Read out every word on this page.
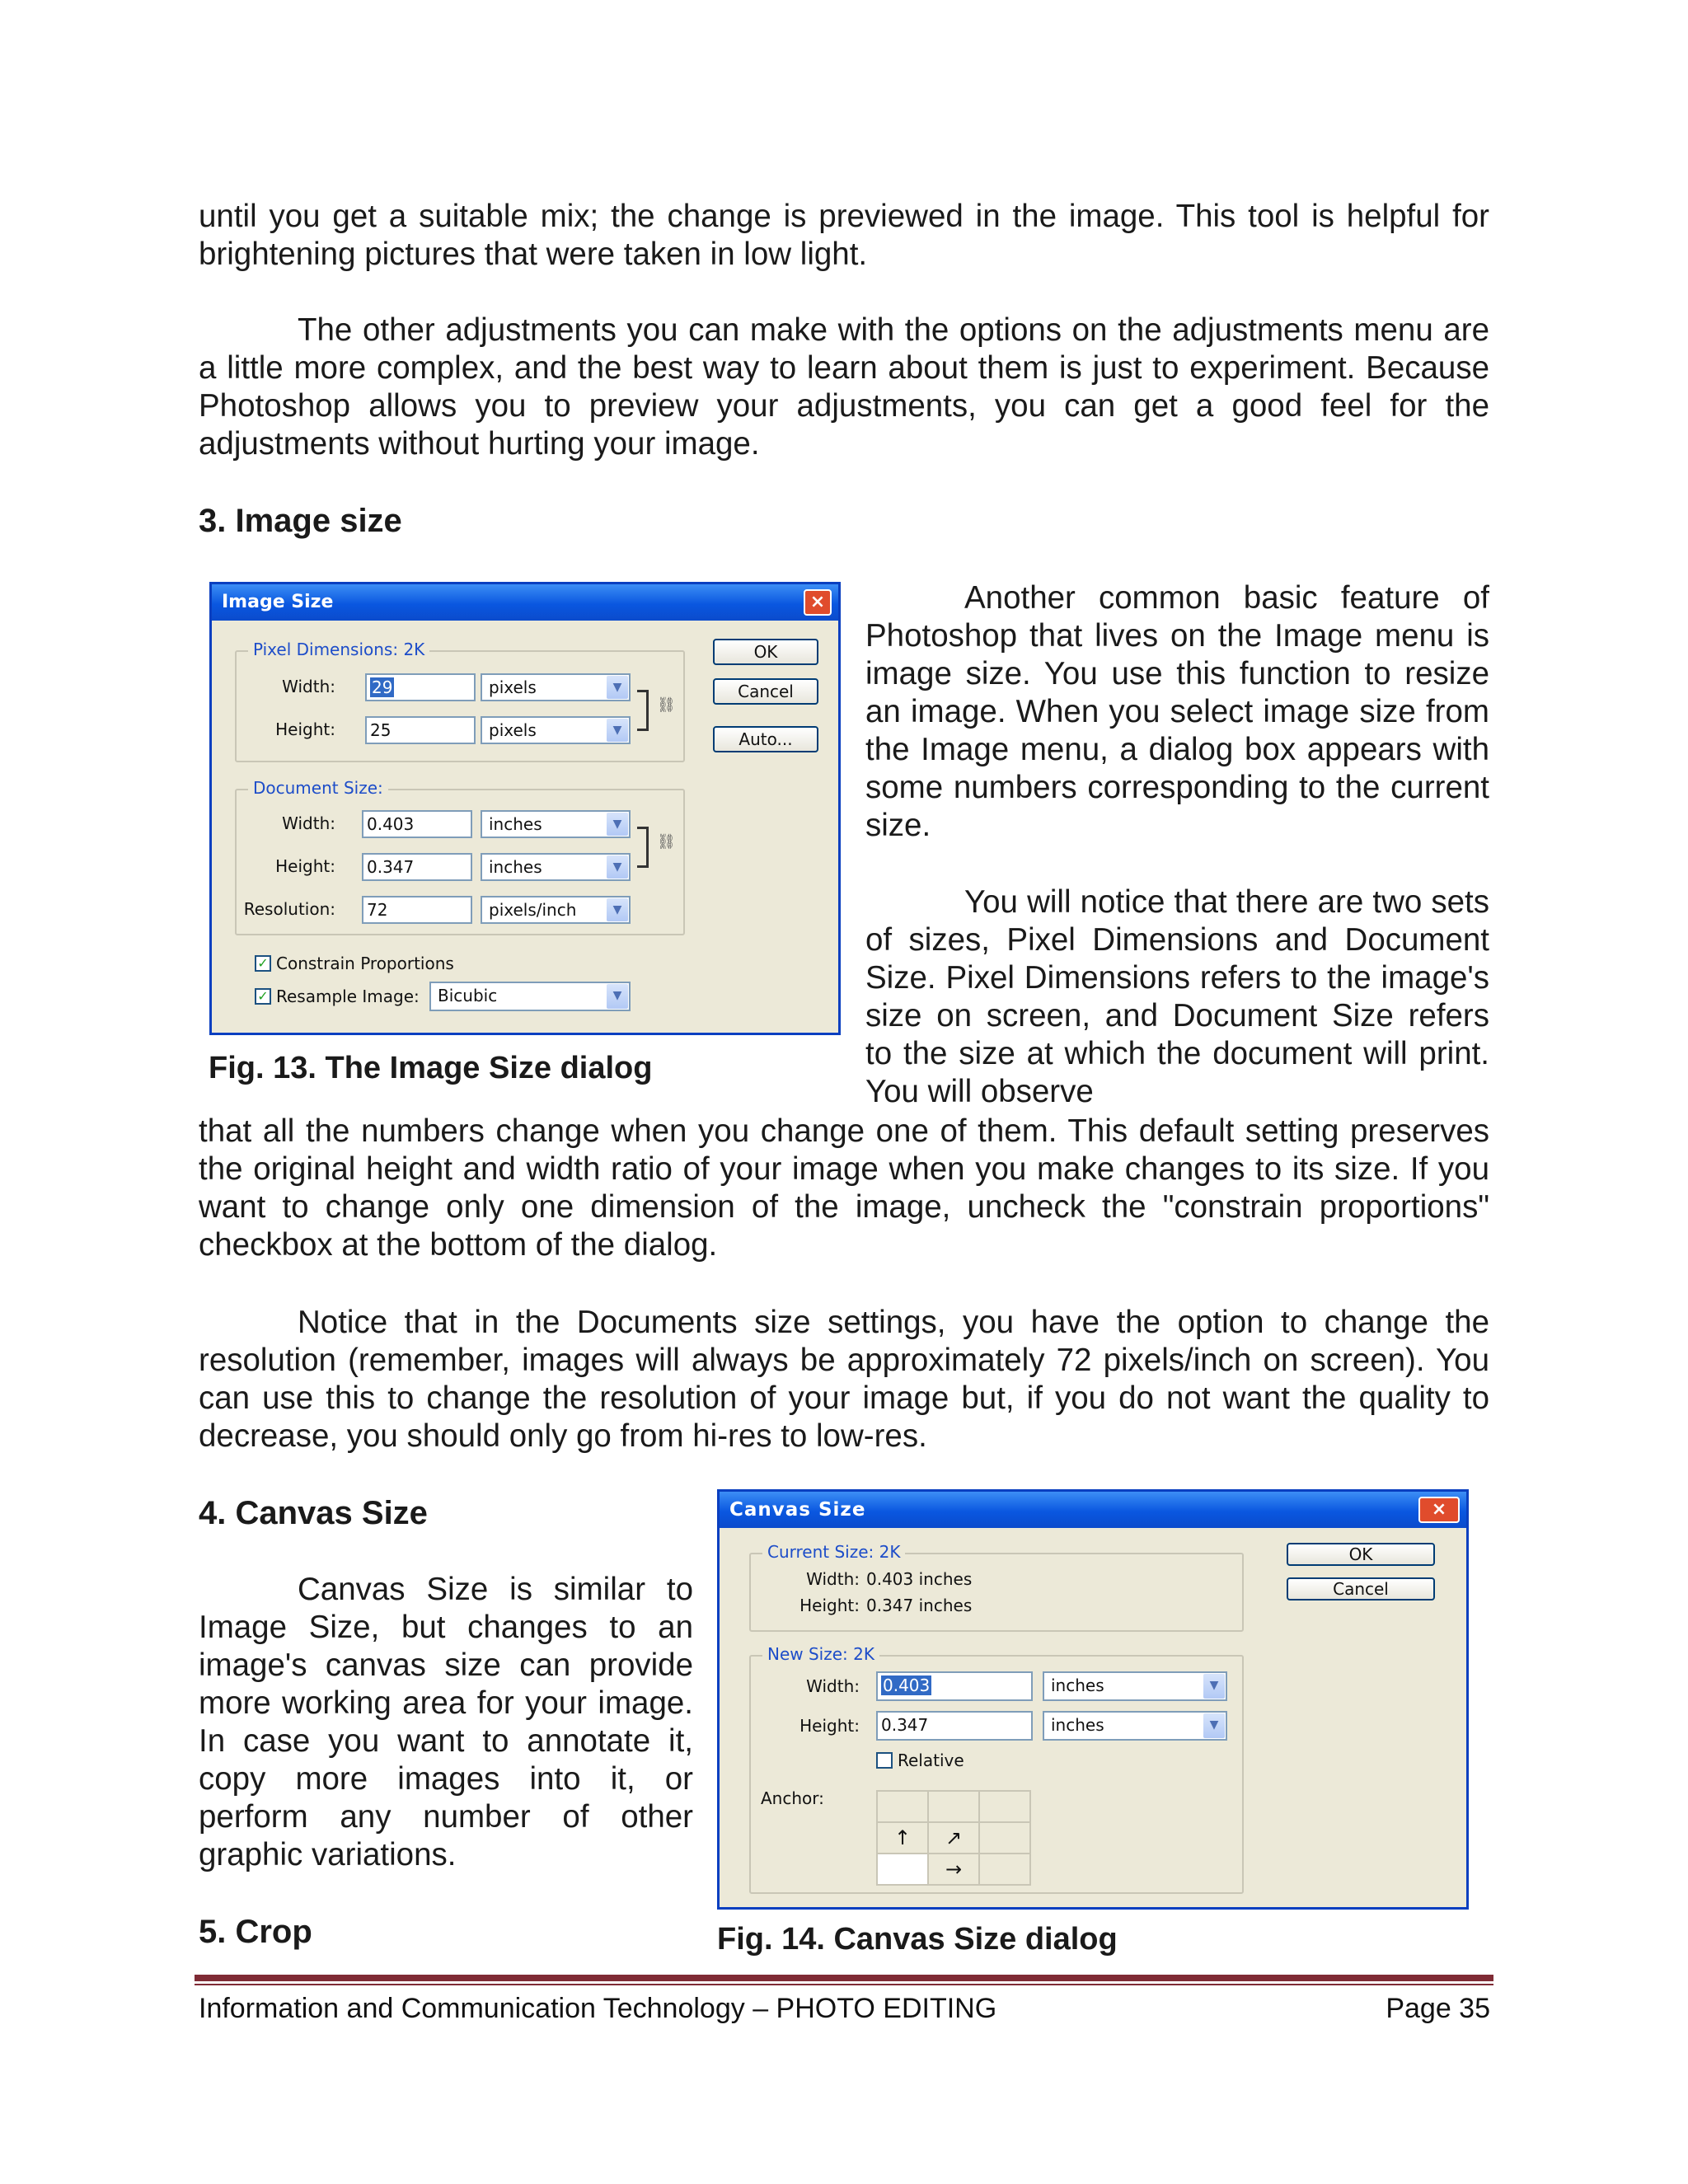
until you get a suitable mix; the change is previewed in the image. This tool is helpful for brightening pictures that were taken in low light.

The other adjustments you can make with the options on the adjustments menu are a little more complex, and the best way to learn about them is just to experiment. Because Photoshop allows you to preview your adjustments, you can get a good feel for the adjustments without hurting your image.

3. Image size
Image Size	×
Pixel Dimensions: 2K
Width:	29	pixels	▼
Height:	25	pixels	▼
⛓
Document Size:
Width:	0.403	inches	▼
Height:	0.347	inches	▼
⛓
Resolution:	72	pixels/inch	▼
✓ Constrain Proportions
✓ Resample Image:	Bicubic	▼
OK
Cancel
Auto...

Fig. 13. The Image Size dialog

Another common basic feature of Photoshop that lives on the Image menu is image size. You use this function to resize an image. When you select image size from the Image menu, a dialog box appears with some numbers corresponding to the current size.

You will notice that there are two sets of sizes, Pixel Dimensions and Document Size. Pixel Dimensions refers to the image's size on screen, and Document Size refers to the size at which the document will print. You will observe

that all the numbers change when you change one of them. This default setting preserves the original height and width ratio of your image when you make changes to its size. If you want to change only one dimension of the image, uncheck the "constrain proportions" checkbox at the bottom of the dialog.

Notice that in the Documents size settings, you have the option to change the resolution (remember, images will always be approximately 72 pixels/inch on screen). You can use this to change the resolution of your image but, if you do not want the quality to decrease, you should only go from hi-res to low-res.

4. Canvas Size

Canvas Size is similar to Image Size, but changes to an image's canvas size can provide more working area for your image. In case you want to annotate it, copy more images into it, or perform any number of other graphic variations.

5. Crop
Canvas Size	×
Current Size: 2K
Width: 0.403 inches
Height: 0.347 inches
New Size: 2K
Width:	0.403	inches	▼
Height:	0.347	inches	▼
Relative
Anchor:
↑	↗
→
OK
Cancel

Fig. 14. Canvas Size dialog

Information and Communication Technology – PHOTO EDITING	Page 35
